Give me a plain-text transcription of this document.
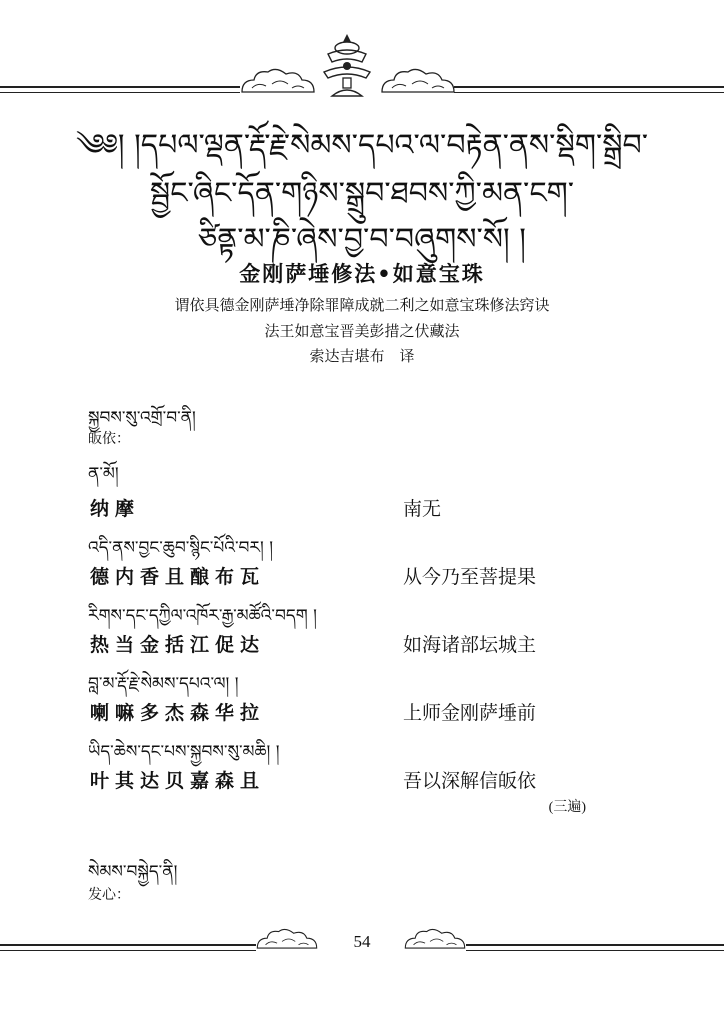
༄༅། །དཔལ་ལྡན་རྡོ་རྗེ་སེམས་དཔའ་ལ་བརྟེན་ནས་སྡིག་སྒྲིབ་
སྦྱོང་ཞིང་དོན་གཉིས་སྒྲུབ་ཐབས་ཀྱི་མན་ངག་
ཙིནྟ་མ་ཎི་ཞེས་བྱ་བ་བཞུགས་སོ། །
金刚萨埵修法•如意宝珠
谓依具德金刚萨埵净除罪障成就二利之如意宝珠修法窍诀
法王如意宝晋美彭措之伏藏法
索达吉堪布　译
སྐྱབས་སུ་འགྲོ་བ་ནི།
皈依：
ན་མོ།
纳摩	南无
འདི་ནས་བྱང་ཆུབ་སྙིང་པོའི་བར། །
德内香且酿布瓦	从今乃至菩提果
རིགས་དང་དཀྱིལ་འཁོར་རྒྱ་མཚོའི་བདག །
热当金括江促达	如海诸部坛城主
བླ་མ་རྡོ་རྗེ་སེམས་དཔའ་ལ། །
喇嘛多杰森华拉	上师金刚萨埵前
ཡིད་ཆེས་དང་པས་སྐྱབས་སུ་མཆི། །
叶其达贝嘉森且	吾以深解信皈依
(三遍)
སེམས་བསྐྱེད་ནི།
发心：
54
